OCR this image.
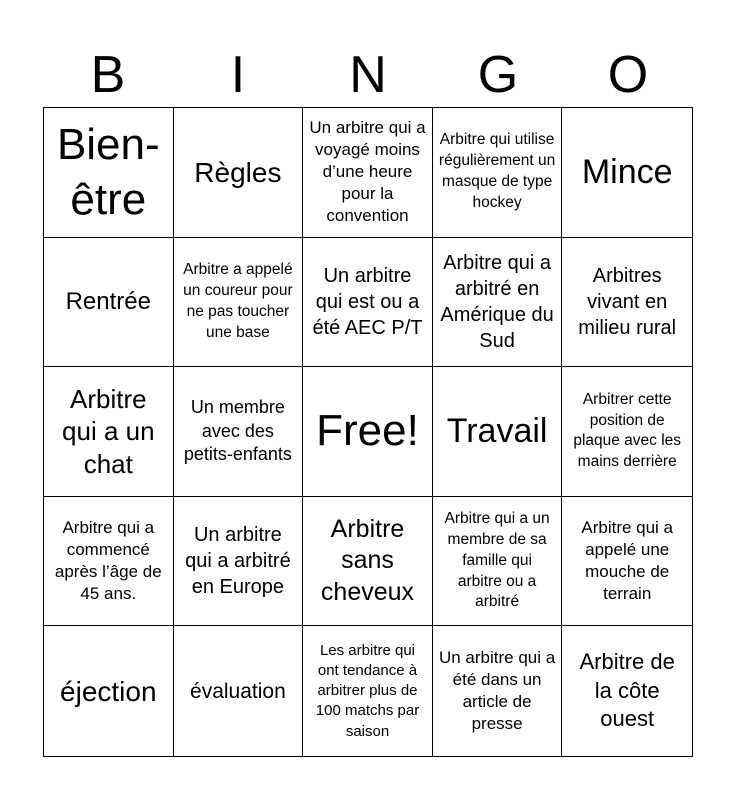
B	I	N	G	O
Bien-être
Règles
Un arbitre qui a voyagé moins d’une heure pour la convention
Arbitre qui utilise régulièrement un masque de type hockey
Mince
Rentrée
Arbitre a appelé un coureur pour ne pas toucher une base
Un arbitre qui est ou a été AEC P/T
Arbitre qui a arbitré en Amérique du Sud
Arbitres vivant en milieu rural
Arbitre qui a un chat
Un membre avec des petits-enfants Free! Travail
Arbitrer cette position de plaque avec les mains derrière
Arbitre qui a commencé après l’âge de 45 ans.
Un arbitre qui a arbitré en Europe
Arbitre sans cheveux
Arbitre qui a un membre de sa famille qui arbitre ou a arbitré
Arbitre qui a appelé une mouche de terrain
éjection évaluation
Les arbitre qui ont tendance à arbitrer plus de 100 matchs par saison
Un arbitre qui a été dans un article de presse
Arbitre de la côte ouest
